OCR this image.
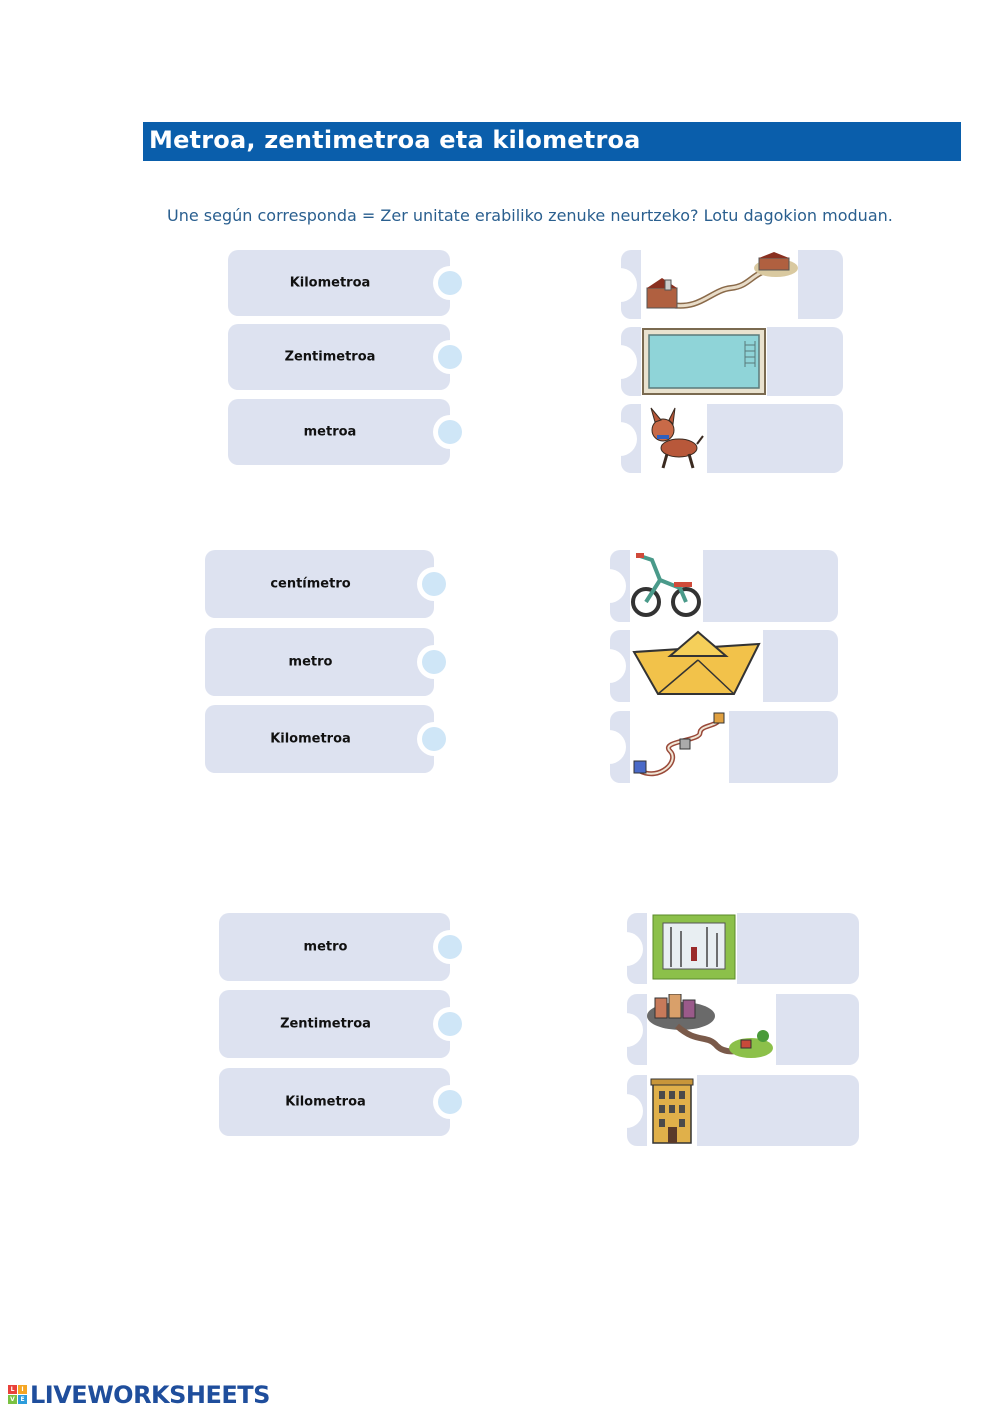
Metroa, zentimetroa eta kilometroa
Une según corresponda = Zer unitate erabiliko zenuke neurtzeko? Lotu dagokion moduan.
Kilometroa
Zentimetroa
metroa
centímetro
metro
Kilometroa
metro
Zentimetroa
Kilometroa
L	I
V E LIVEWORKSHEETS
